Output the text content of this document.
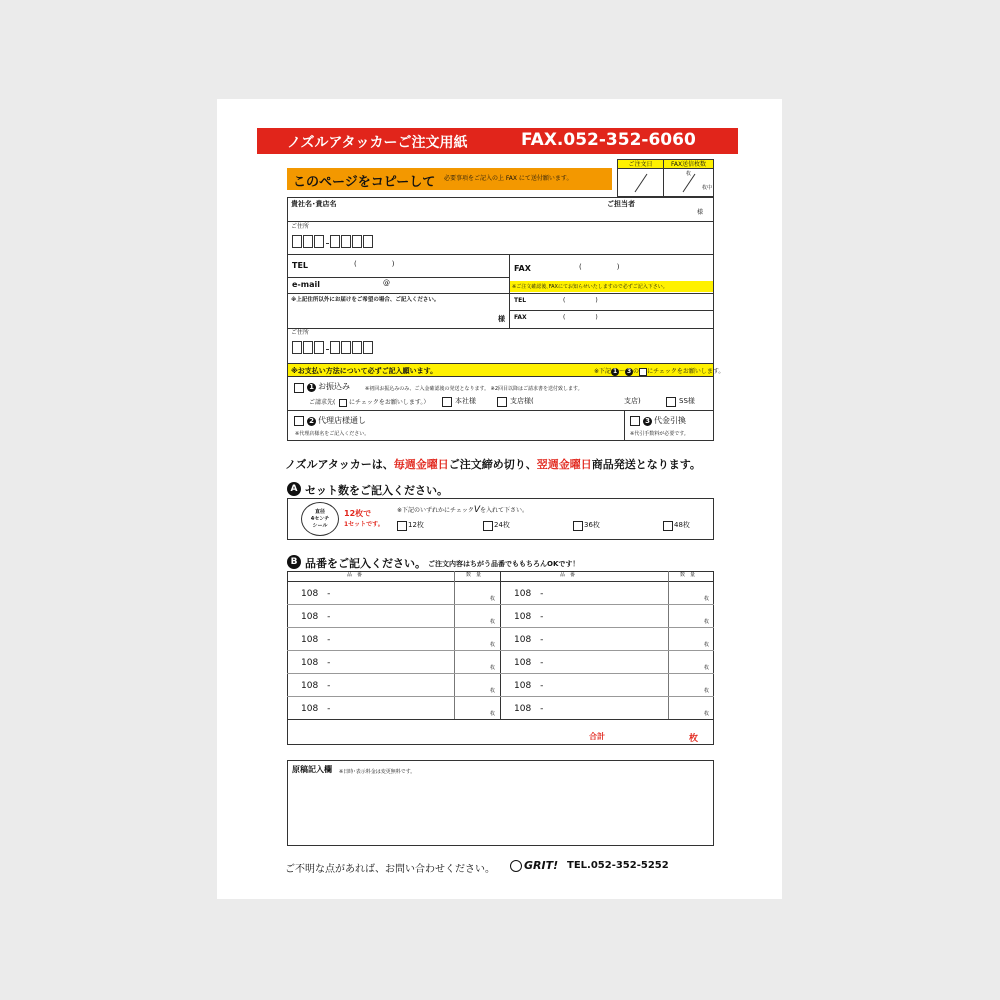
ノズルアタッカーご注文用紙	FAX.052-352-6060
このページをコピーして 必要事項をご記入の上 FAX にて送付願います。
ご注文日	FAX送信枚数
枚
枚中
貴社名･貴店名	ご担当者
様
ご住所
TEL	(　　　　　)	FAX	(　　　　　)
e-mail	@	※ご注文確認後､FAXにてお知らせいたしますので必ずご記入下さい。
※上記住所以外にお届けをご希望の場合、ご記入ください。
様
TEL	(　　　　　)
FAX	(　　　　　)
ご住所
※お支払い方法について必ずご記入願います。	※下記 1 〜 3 の にチェックをお願いします。
1 お振込み	※初回お振込みのみ、ご入金確認後の発送となります。 ※2回目以降はご請求書を送付致します。
ご請求先( にチェックをお願いします。）	本社様	支店様(	支店)	SS様
2 代理店様通し
※代理店様名をご記入ください。
3 代金引換
※代引手数料が必要です。
ノズルアタッカーは、毎週金曜日ご注文締め切り、翌週金曜日商品発送となります。
A セット数をご記入ください。
直径
4センチ
シール
12枚で
1セットです。
※下記のいずれかにチェックVを入れて下さい。
12枚	24枚	36枚	48枚
B 品番をご記入ください。 ご注文内容はちがう品番でももちろんOKです！
合計	枚
原稿記入欄 ※日時･表示料金は変更無料です。
ご不明な点があれば、お問い合わせください。	GRIT! TEL.052-352-5252
品　番	数　量	品　番	数　量
108　-	枚 108　-	枚
108　-	枚 108　-	枚
108　-	枚 108　-	枚
108　-	枚 108　-	枚
108　-	枚 108　-	枚
108　-	枚 108　-	枚
